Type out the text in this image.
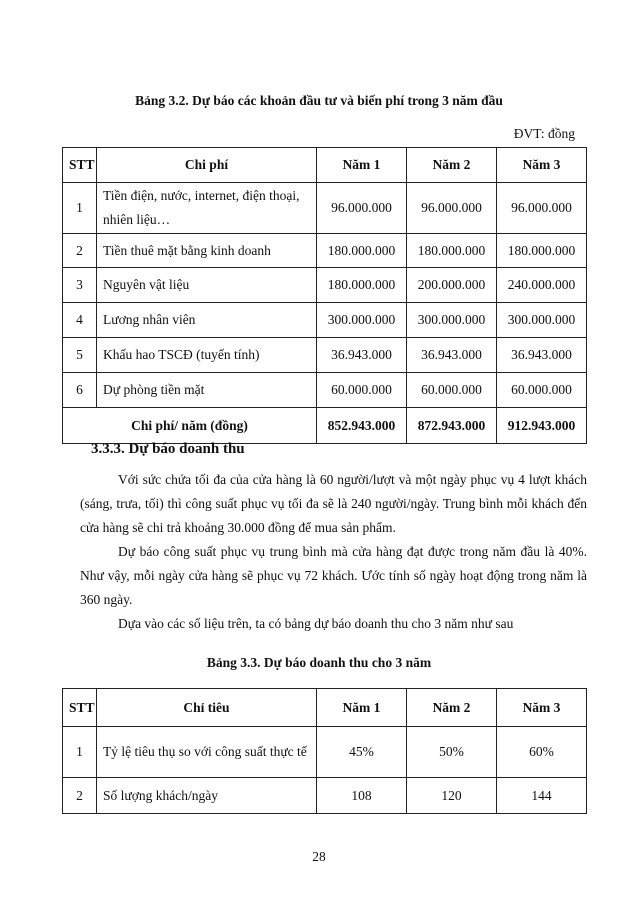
Bảng 3.2. Dự báo các khoản đầu tư và biến phí trong 3 năm đầu
ĐVT: đồng
STT	Chi phí	Năm 1	Năm 2	Năm 3
1	Tiền điện, nước, internet, điện thoại, nhiên liệu…	96.000.000	96.000.000	96.000.000
2	Tiền thuê mặt bằng kinh doanh	180.000.000	180.000.000	180.000.000
3	Nguyên vật liệu	180.000.000	200.000.000	240.000.000
4	Lương nhân viên	300.000.000	300.000.000	300.000.000
5	Khấu hao TSCĐ (tuyến tính)	36.943.000	36.943.000	36.943.000
6	Dự phòng tiền mặt	60.000.000	60.000.000	60.000.000
Chi phí/ năm (đồng)		852.943.000	872.943.000	912.943.000
3.3.3. Dự báo doanh thu
Với sức chứa tối đa của cửa hàng là 60 người/lượt và một ngày phục vụ 4 lượt khách (sáng, trưa, tối) thì công suất phục vụ tối đa sẽ là 240 người/ngày. Trung bình mỗi khách đến cửa hàng sẽ chi trả khoảng 30.000 đồng để mua sản phẩm.
Dự báo công suất phục vụ trung bình mà cửa hàng đạt được trong năm đầu là 40%. Như vậy, mỗi ngày cửa hàng sẽ phục vụ 72 khách. Ước tính số ngày hoạt động trong năm là 360 ngày.
Dựa vào các số liệu trên, ta có bảng dự báo doanh thu cho 3 năm như sau
Bảng 3.3. Dự báo doanh thu cho 3 năm
STT	Chỉ tiêu	Năm 1	Năm 2	Năm 3
1	Tỷ lệ tiêu thụ so với công suất thực tế	45%	50%	60%
2	Số lượng khách/ngày	108	120	144
28
